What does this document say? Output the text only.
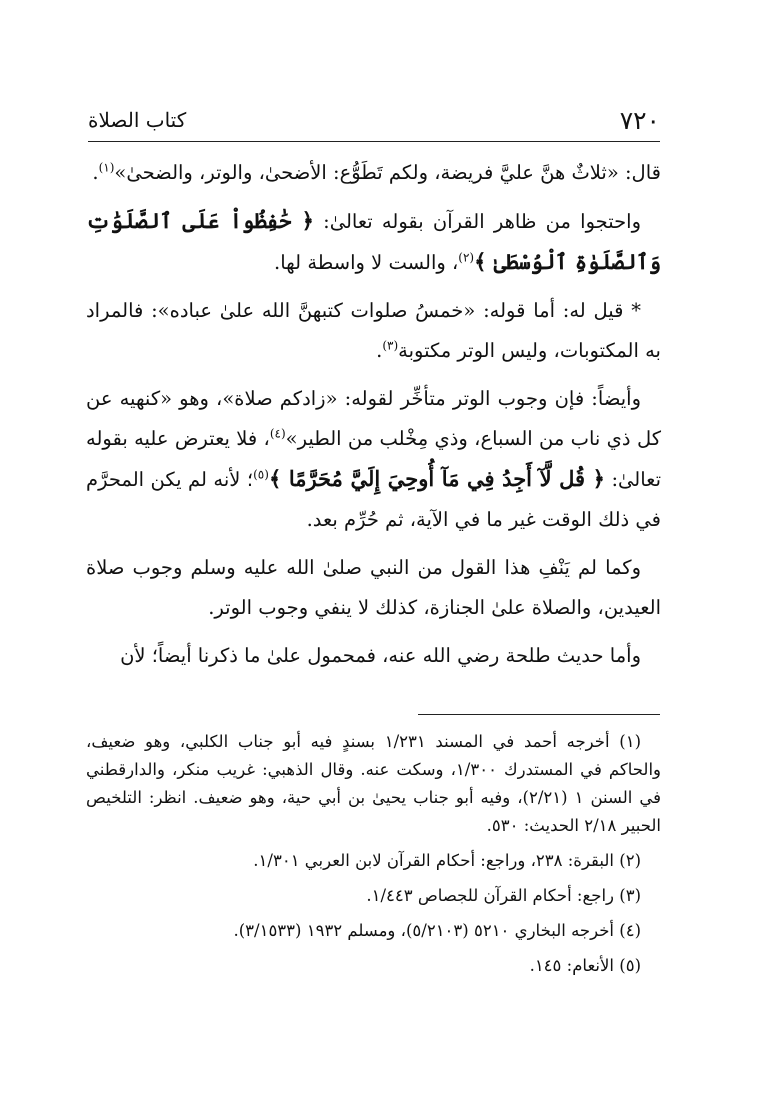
٧٢٠
كتاب الصلاة

قال: «ثلاثٌ هنَّ عليَّ فريضة، ولكم تَطَوُّع: الأضحىٰ، والوتر، والضحىٰ»$^{(١)}$.

واحتجوا من ظاهر القرآن بقوله تعالىٰ: ﴿ حَٰفِظُواْ عَلَى ٱلصَّلَوَٰتِ وَٱلصَّلَوٰةِ ٱلْوُسْطَىٰ ﴾$^{(٢)}$، والست لا واسطة لها.

* قيل له: أما قوله: «خمسُ صلوات كتبهنَّ الله علىٰ عباده»: فالمراد به المكتوبات، وليس الوتر مكتوبة$^{(٣)}$.

وأيضاً: فإن وجوب الوتر متأخِّر لقوله: «زادكم صلاة»، وهو «كنهيه عن كل ذي ناب من السباع، وذي مِخْلب من الطير»$^{(٤)}$، فلا يعترض عليه بقوله تعالىٰ: ﴿ قُل لَّآ أَجِدُ فِي مَآ أُوحِيَ إِلَيَّ مُحَرَّمًا ﴾$^{(٥)}$؛ لأنه لم يكن المحرَّم في ذلك الوقت غير ما في الآية، ثم حُرِّم بعد.

وكما لم يَنْفِ هذا القول من النبي صلىٰ الله عليه وسلم وجوب صلاة العيدين، والصلاة علىٰ الجنازة، كذلك لا ينفي وجوب الوتر.

وأما حديث طلحة رضي الله عنه، فمحمول علىٰ ما ذكرنا أيضاً؛ لأن

(١) أخرجه أحمد في المسند ١/٢٣١ بسندٍ فيه أبو جناب الكلبي، وهو ضعيف، والحاكم في المستدرك ١/٣٠٠، وسكت عنه. وقال الذهبي: غريب منكر، والدارقطني في السنن ١ (٢/٢١)، وفيه أبو جناب يحيىٰ بن أبي حية، وهو ضعيف. انظر: التلخيص الحبير ٢/١٨ الحديث: ٥٣٠.

(٢) البقرة: ٢٣٨، وراجع: أحكام القرآن لابن العربي ١/٣٠١.

(٣) راجع: أحكام القرآن للجصاص ١/٤٤٣.

(٤) أخرجه البخاري ٥٢١٠ (٥/٢١٠٣)، ومسلم ١٩٣٢ (٣/١٥٣٣).

(٥) الأنعام: ١٤٥.
